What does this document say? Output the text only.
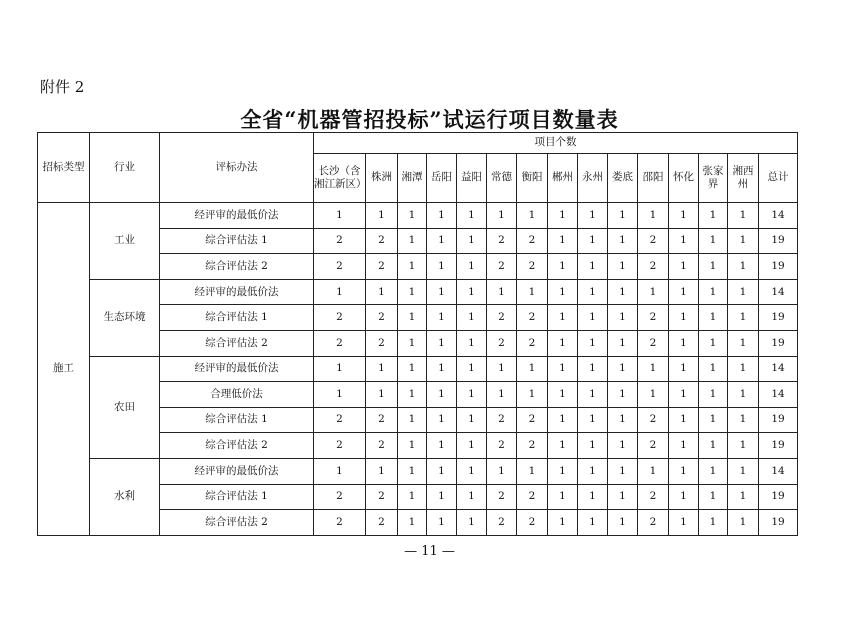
附件 2
全省“机器管招投标”试运行项目数量表
招标类型	行业	评标办法	项目个数														
			长沙（含湘江新区）	株洲	湘潭	岳阳	益阳	常德	衡阳	郴州	永州	娄底	邵阳	怀化	张家界	湘西州	总计
施工	工业	经评审的最低价法	1	1	1	1	1	1	1	1	1	1	1	1	1	1	14
		综合评估法 1	2	2	1	1	1	2	2	1	1	1	2	1	1	1	19
		综合评估法 2	2	2	1	1	1	2	2	1	1	1	2	1	1	1	19
	生态环境	经评审的最低价法	1	1	1	1	1	1	1	1	1	1	1	1	1	1	14
		综合评估法 1	2	2	1	1	1	2	2	1	1	1	2	1	1	1	19
		综合评估法 2	2	2	1	1	1	2	2	1	1	1	2	1	1	1	19
	农田	经评审的最低价法	1	1	1	1	1	1	1	1	1	1	1	1	1	1	14
		合理低价法	1	1	1	1	1	1	1	1	1	1	1	1	1	1	14
		综合评估法 1	2	2	1	1	1	2	2	1	1	1	2	1	1	1	19
		综合评估法 2	2	2	1	1	1	2	2	1	1	1	2	1	1	1	19
	水利	经评审的最低价法	1	1	1	1	1	1	1	1	1	1	1	1	1	1	14
		综合评估法 1	2	2	1	1	1	2	2	1	1	1	2	1	1	1	19
		综合评估法 2	2	2	1	1	1	2	2	1	1	1	2	1	1	1	19
— 11 —
